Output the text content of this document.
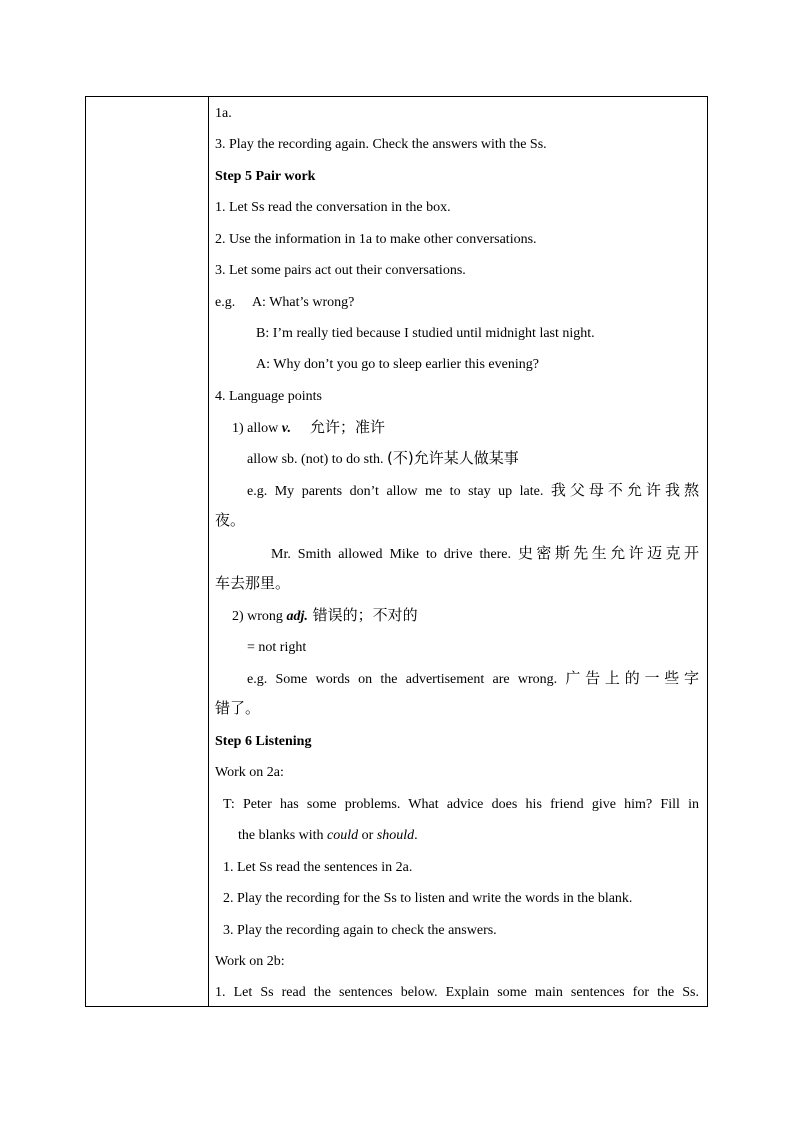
1a.
3. Play the recording again. Check the answers with the Ss.
Step 5 Pair work
1. Let Ss read the conversation in the box.
2. Use the information in 1a to make other conversations.
3. Let some pairs act out their conversations.
e.g.     A: What’s wrong?
B: I’m really tied because I studied until midnight last night.
A: Why don’t you go to sleep earlier this evening?
4. Language points
1) allow v.    允许；准许
allow sb. (not) to do sth. (不)允许某人做某事
e.g. My parents don’t allow me to stay up late. 我父母不允许我熬
夜。
Mr. Smith allowed Mike to drive there. 史密斯先生允许迈克开
车去那里。
2) wrong adj. 错误的；不对的
= not right
e.g. Some words on the advertisement are wrong. 广告上的一些字
错了。
Step 6 Listening
Work on 2a:
T: Peter has some problems. What advice does his friend give him? Fill in
the blanks with could or should.
1. Let Ss read the sentences in 2a.
2. Play the recording for the Ss to listen and write the words in the blank.
3. Play the recording again to check the answers.
Work on 2b:
1. Let Ss read the sentences below. Explain some main sentences for the Ss.
